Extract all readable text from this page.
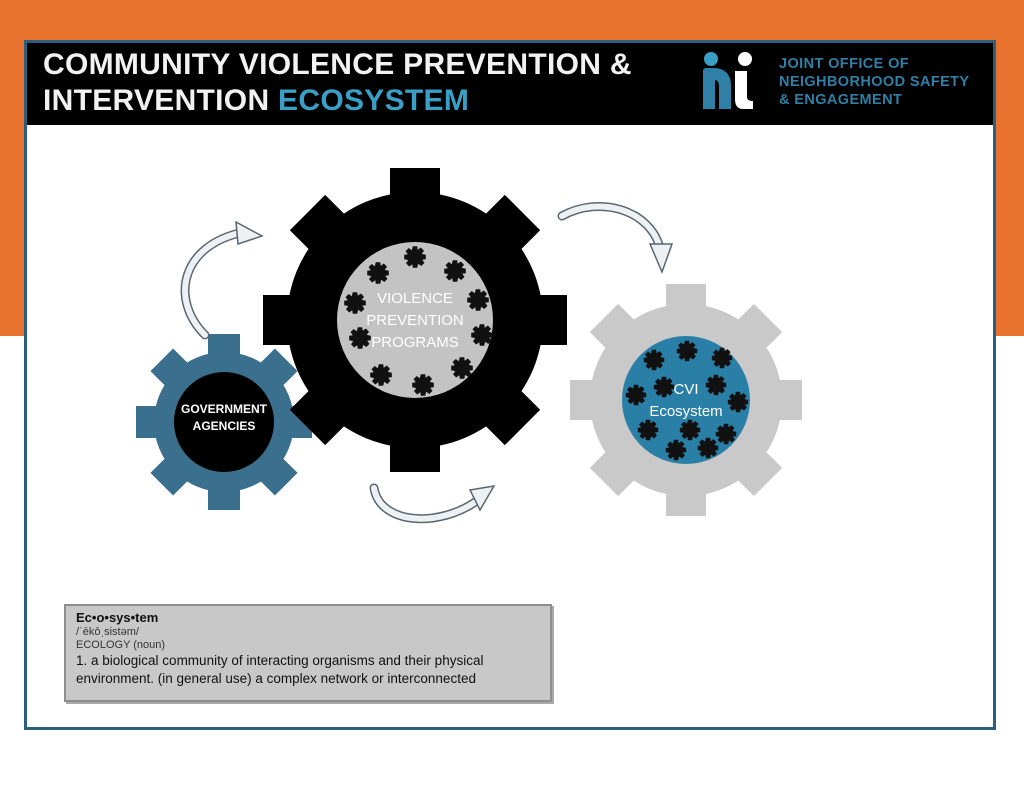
COMMUNITY VIOLENCE PREVENTION &
INTERVENTION ECOSYSTEM
JOINT OFFICE OF
NEIGHBORHOOD SAFETY
& ENGAGEMENT
GOVERNMENT
AGENCIES
VIOLENCE
PREVENTION
PROGRAMS
CVI
Ecosystem
Ec•o•sys•tem
/ˈēkōˌsistəm/
ECOLOGY (noun)
1. a biological community of interacting organisms and their physical environment. (in general use) a complex network or interconnected
